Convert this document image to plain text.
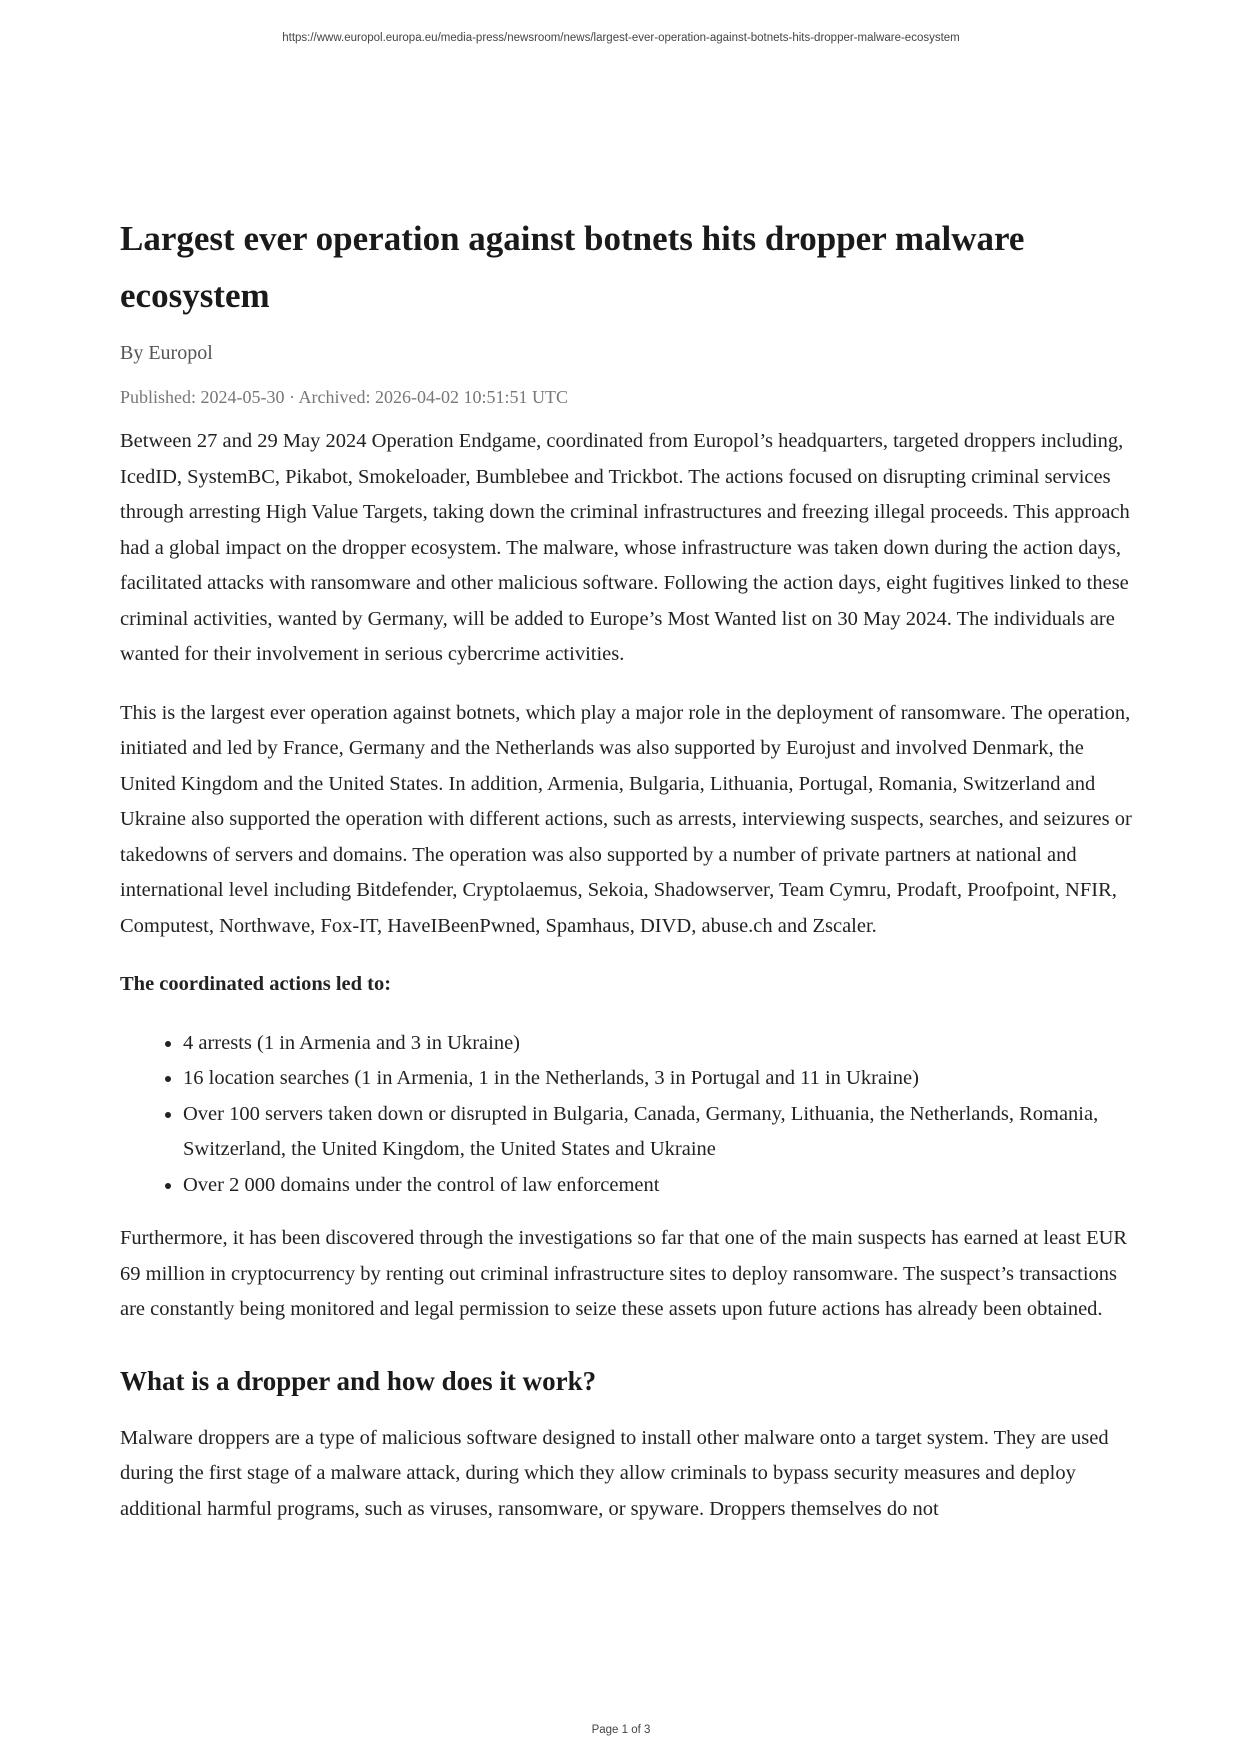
https://www.europol.europa.eu/media-press/newsroom/news/largest-ever-operation-against-botnets-hits-dropper-malware-ecosystem
Largest ever operation against botnets hits dropper malware ecosystem
By Europol
Published: 2024-05-30 · Archived: 2026-04-02 10:51:51 UTC

Between 27 and 29 May 2024 Operation Endgame, coordinated from Europol’s headquarters, targeted droppers including, IcedID, SystemBC, Pikabot, Smokeloader, Bumblebee and Trickbot. The actions focused on disrupting criminal services through arresting High Value Targets, taking down the criminal infrastructures and freezing illegal proceeds. This approach had a global impact on the dropper ecosystem. The malware, whose infrastructure was taken down during the action days, facilitated attacks with ransomware and other malicious software. Following the action days, eight fugitives linked to these criminal activities, wanted by Germany, will be added to Europe’s Most Wanted list on 30 May 2024. The individuals are wanted for their involvement in serious cybercrime activities.

This is the largest ever operation against botnets, which play a major role in the deployment of ransomware. The operation, initiated and led by France, Germany and the Netherlands was also supported by Eurojust and involved Denmark, the United Kingdom and the United States. In addition, Armenia, Bulgaria, Lithuania, Portugal, Romania, Switzerland and Ukraine also supported the operation with different actions, such as arrests, interviewing suspects, searches, and seizures or takedowns of servers and domains. The operation was also supported by a number of private partners at national and international level including Bitdefender, Cryptolaemus, Sekoia, Shadowserver, Team Cymru, Prodaft, Proofpoint, NFIR, Computest, Northwave, Fox-IT, HaveIBeenPwned, Spamhaus, DIVD, abuse.ch and Zscaler.

The coordinated actions led to:

• 4 arrests (1 in Armenia and 3 in Ukraine)
• 16 location searches (1 in Armenia, 1 in the Netherlands, 3 in Portugal and 11 in Ukraine)
• Over 100 servers taken down or disrupted in Bulgaria, Canada, Germany, Lithuania, the Netherlands, Romania, Switzerland, the United Kingdom, the United States and Ukraine
• Over 2 000 domains under the control of law enforcement

Furthermore, it has been discovered through the investigations so far that one of the main suspects has earned at least EUR 69 million in cryptocurrency by renting out criminal infrastructure sites to deploy ransomware. The suspect’s transactions are constantly being monitored and legal permission to seize these assets upon future actions has already been obtained.

What is a dropper and how does it work?

Malware droppers are a type of malicious software designed to install other malware onto a target system. They are used during the first stage of a malware attack, during which they allow criminals to bypass security measures and deploy additional harmful programs, such as viruses, ransomware, or spyware. Droppers themselves do not

Page 1 of 3
